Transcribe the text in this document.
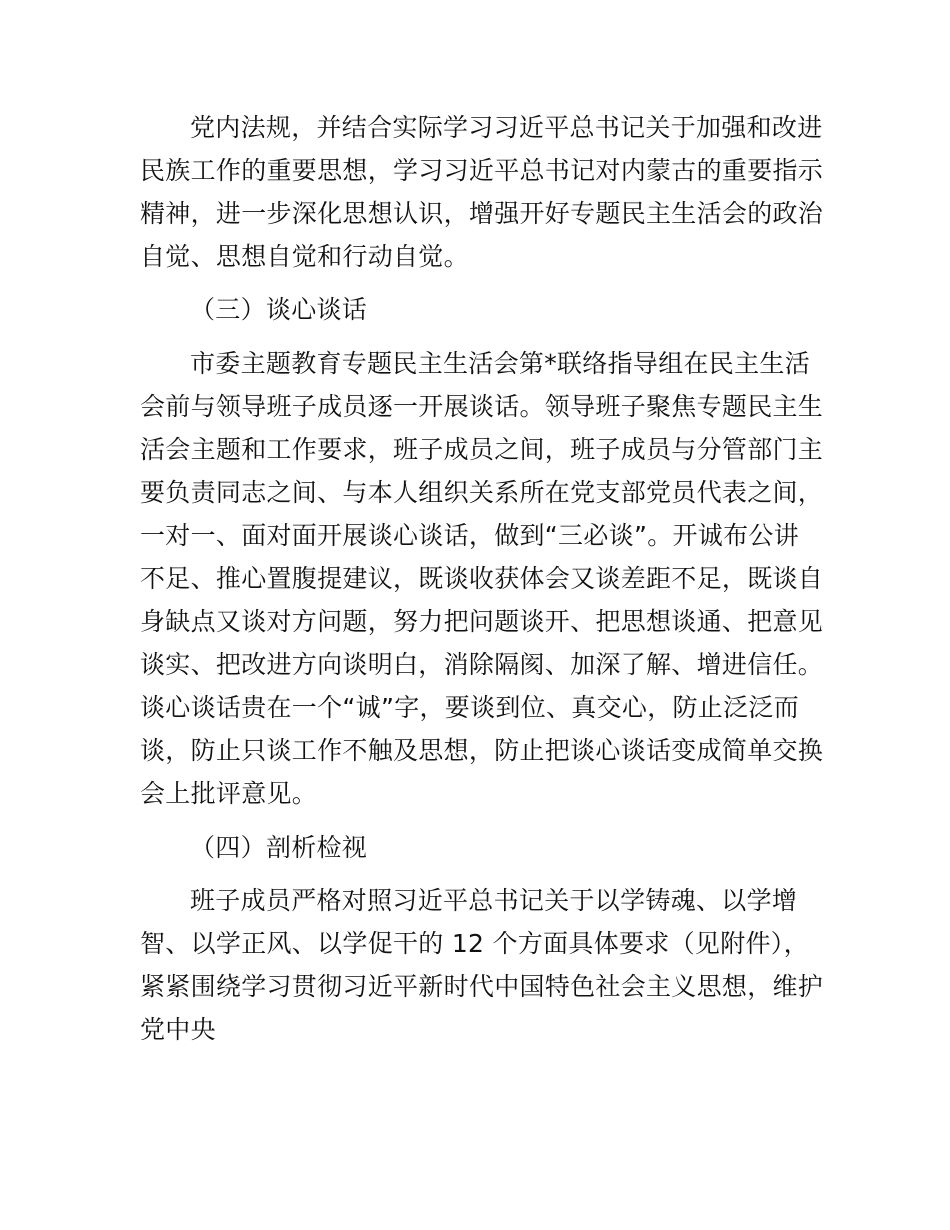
党内法规，并结合实际学习习近平总书记关于加强和改进
民族工作的重要思想，学习习近平总书记对内蒙古的重要指示
精神，进一步深化思想认识，增强开好专题民主生活会的政治
自觉、思想自觉和行动自觉。
（三）谈心谈话
市委主题教育专题民主生活会第*联络指导组在民主生活
会前与领导班子成员逐一开展谈话。领导班子聚焦专题民主生
活会主题和工作要求，班子成员之间，班子成员与分管部门主
要负责同志之间、与本人组织关系所在党支部党员代表之间，
一对一、面对面开展谈心谈话，做到“三必谈”。开诚布公讲
不足、推心置腹提建议，既谈收获体会又谈差距不足，既谈自
身缺点又谈对方问题，努力把问题谈开、把思想谈通、把意见
谈实、把改进方向谈明白，消除隔阂、加深了解、增进信任。
谈心谈话贵在一个“诚”字，要谈到位、真交心，防止泛泛而
谈，防止只谈工作不触及思想，防止把谈心谈话变成简单交换
会上批评意见。
（四）剖析检视
班子成员严格对照习近平总书记关于以学铸魂、以学增
智、以学正风、以学促干的 12 个方面具体要求（见附件），
紧紧围绕学习贯彻习近平新时代中国特色社会主义思想，维护
党中央
